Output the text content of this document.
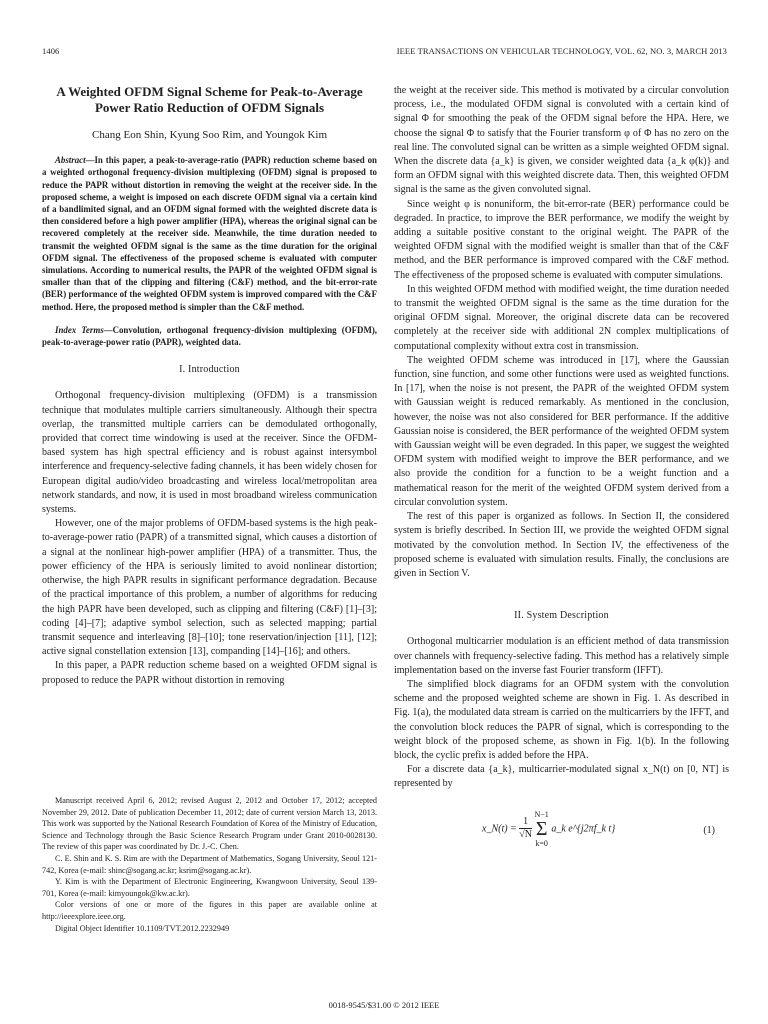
1406	IEEE TRANSACTIONS ON VEHICULAR TECHNOLOGY, VOL. 62, NO. 3, MARCH 2013
A Weighted OFDM Signal Scheme for Peak-to-Average Power Ratio Reduction of OFDM Signals
Chang Eon Shin, Kyung Soo Rim, and Youngok Kim
Abstract—In this paper, a peak-to-average-ratio (PAPR) reduction scheme based on a weighted orthogonal frequency-division multiplexing (OFDM) signal is proposed to reduce the PAPR without distortion in removing the weight at the receiver side. In the proposed scheme, a weight is imposed on each discrete OFDM signal via a certain kind of a bandlimited signal, and an OFDM signal formed with the weighted discrete data is then considered before a high power amplifier (HPA), whereas the original signal can be recovered completely at the receiver side. Meanwhile, the time duration needed to transmit the weighted OFDM signal is the same as the time duration for the original OFDM signal. The effectiveness of the proposed scheme is evaluated with computer simulations. According to numerical results, the PAPR of the weighted OFDM signal is smaller than that of the clipping and filtering (C&F) method, and the bit-error-rate (BER) performance of the weighted OFDM system is improved compared with the C&F method. Here, the proposed method is simpler than the C&F method.
Index Terms—Convolution, orthogonal frequency-division multiplexing (OFDM), peak-to-average-power ratio (PAPR), weighted data.
I. Introduction

Orthogonal frequency-division multiplexing (OFDM) is a transmission technique that modulates multiple carriers simultaneously. Although their spectra overlap, the transmitted multiple carriers can be demodulated orthogonally, provided that correct time windowing is used at the receiver. Since the OFDM-based system has high spectral efficiency and is robust against intersymbol interference and frequency-selective fading channels, it has been widely chosen for European digital audio/video broadcasting and wireless local/metropolitan area network standards, and now, it is used in most broadband wireless communication systems.

However, one of the major problems of OFDM-based systems is the high peak-to-average-power ratio (PAPR) of a transmitted signal, which causes a distortion of a signal at the nonlinear high-power amplifier (HPA) of a transmitter. Thus, the power efficiency of the HPA is seriously limited to avoid nonlinear distortion; otherwise, the high PAPR results in significant performance degradation. Because of the practical importance of this problem, a number of algorithms for reducing the high PAPR have been developed, such as clipping and filtering (C&F) [1]–[3]; coding [4]–[7]; adaptive symbol selection, such as selected mapping; partial transmit sequence and interleaving [8]–[10]; tone reservation/injection [11], [12]; active signal constellation extension [13], companding [14]–[16]; and others.

In this paper, a PAPR reduction scheme based on a weighted OFDM signal is proposed to reduce the PAPR without distortion in removing

Manuscript received April 6, 2012; revised August 2, 2012 and October 17, 2012; accepted November 29, 2012. Date of publication December 11, 2012; date of current version March 13, 2013. This work was supported by the National Research Foundation of Korea of the Ministry of Education, Science and Technology through the Basic Science Research Program under Grant 2010-0028130. The review of this paper was coordinated by Dr. J.-C. Chen.

C. E. Shin and K. S. Rim are with the Department of Mathematics, Sogang University, Seoul 121-742, Korea (e-mail: shinc@sogang.ac.kr; ksrim@sogang.ac.kr).

Y. Kim is with the Department of Electronic Engineering, Kwangwoon University, Seoul 139-701, Korea (e-mail: kimyoungok@kw.ac.kr).

Color versions of one or more of the figures in this paper are available online at http://ieeexplore.ieee.org.

Digital Object Identifier 10.1109/TVT.2012.2232949

the weight at the receiver side. This method is motivated by a circular convolution process, i.e., the modulated OFDM signal is convoluted with a certain kind of signal Φ for smoothing the peak of the OFDM signal before the HPA. Here, we choose the signal Φ to satisfy that the Fourier transform φ of Φ has no zero on the real line. The convoluted signal can be written as a simple weighted OFDM signal. When the discrete data {a_k} is given, we consider weighted data {a_k φ(k)} and form an OFDM signal with this weighted discrete data. Then, this weighted OFDM signal is the same as the given convoluted signal.

Since weight φ is nonuniform, the bit-error-rate (BER) performance could be degraded. In practice, to improve the BER performance, we modify the weight by adding a suitable positive constant to the original weight. The PAPR of the weighted OFDM signal with the modified weight is smaller than that of the C&F method, and the BER performance is improved compared with the C&F method. The effectiveness of the proposed scheme is evaluated with computer simulations.

In this weighted OFDM method with modified weight, the time duration needed to transmit the weighted OFDM signal is the same as the time duration for the original OFDM signal. Moreover, the original discrete data can be recovered completely at the receiver side with additional 2N complex multiplications of computational complexity without extra cost in transmission.

The weighted OFDM scheme was introduced in [17], where the Gaussian function, sine function, and some other functions were used as weighted functions. In [17], when the noise is not present, the PAPR of the weighted OFDM system with Gaussian weight is reduced remarkably. As mentioned in the conclusion, however, the noise was not also considered for BER performance. If the additive Gaussian noise is considered, the BER performance of the weighted OFDM system with Gaussian weight will be even degraded. In this paper, we suggest the weighted OFDM system with modified weight to improve the BER performance, and we also provide the condition for a function to be a weight function and a mathematical reason for the merit of the weighted OFDM system derived from a circular convolution system.

The rest of this paper is organized as follows. In Section II, the considered system is briefly described. In Section III, we provide the weighted OFDM signal motivated by the convolution method. In Section IV, the effectiveness of the proposed scheme is evaluated with simulation results. Finally, the conclusions are given in Section V.

II. System Description

Orthogonal multicarrier modulation is an efficient method of data transmission over channels with frequency-selective fading. This method has a relatively simple implementation based on the inverse fast Fourier transform (IFFT).

The simplified block diagrams for an OFDM system with the convolution scheme and the proposed weighted scheme are shown in Fig. 1. As described in Fig. 1(a), the modulated data stream is carried on the multicarriers by the IFFT, and the convolution block reduces the PAPR of signal, which is corresponding to the weight block of the proposed scheme, as shown in Fig. 1(b). In the following block, the cyclic prefix is added before the HPA.

For a discrete data {a_k}, multicarrier-modulated signal x_N(t) on [0, NT] is represented by

x_N(t) = $\frac{1}{√N}$
N−1
Σ
k=0 a_k e^{j2πf_k t}	(1)
0018-9545/$31.00 © 2012 IEEE
